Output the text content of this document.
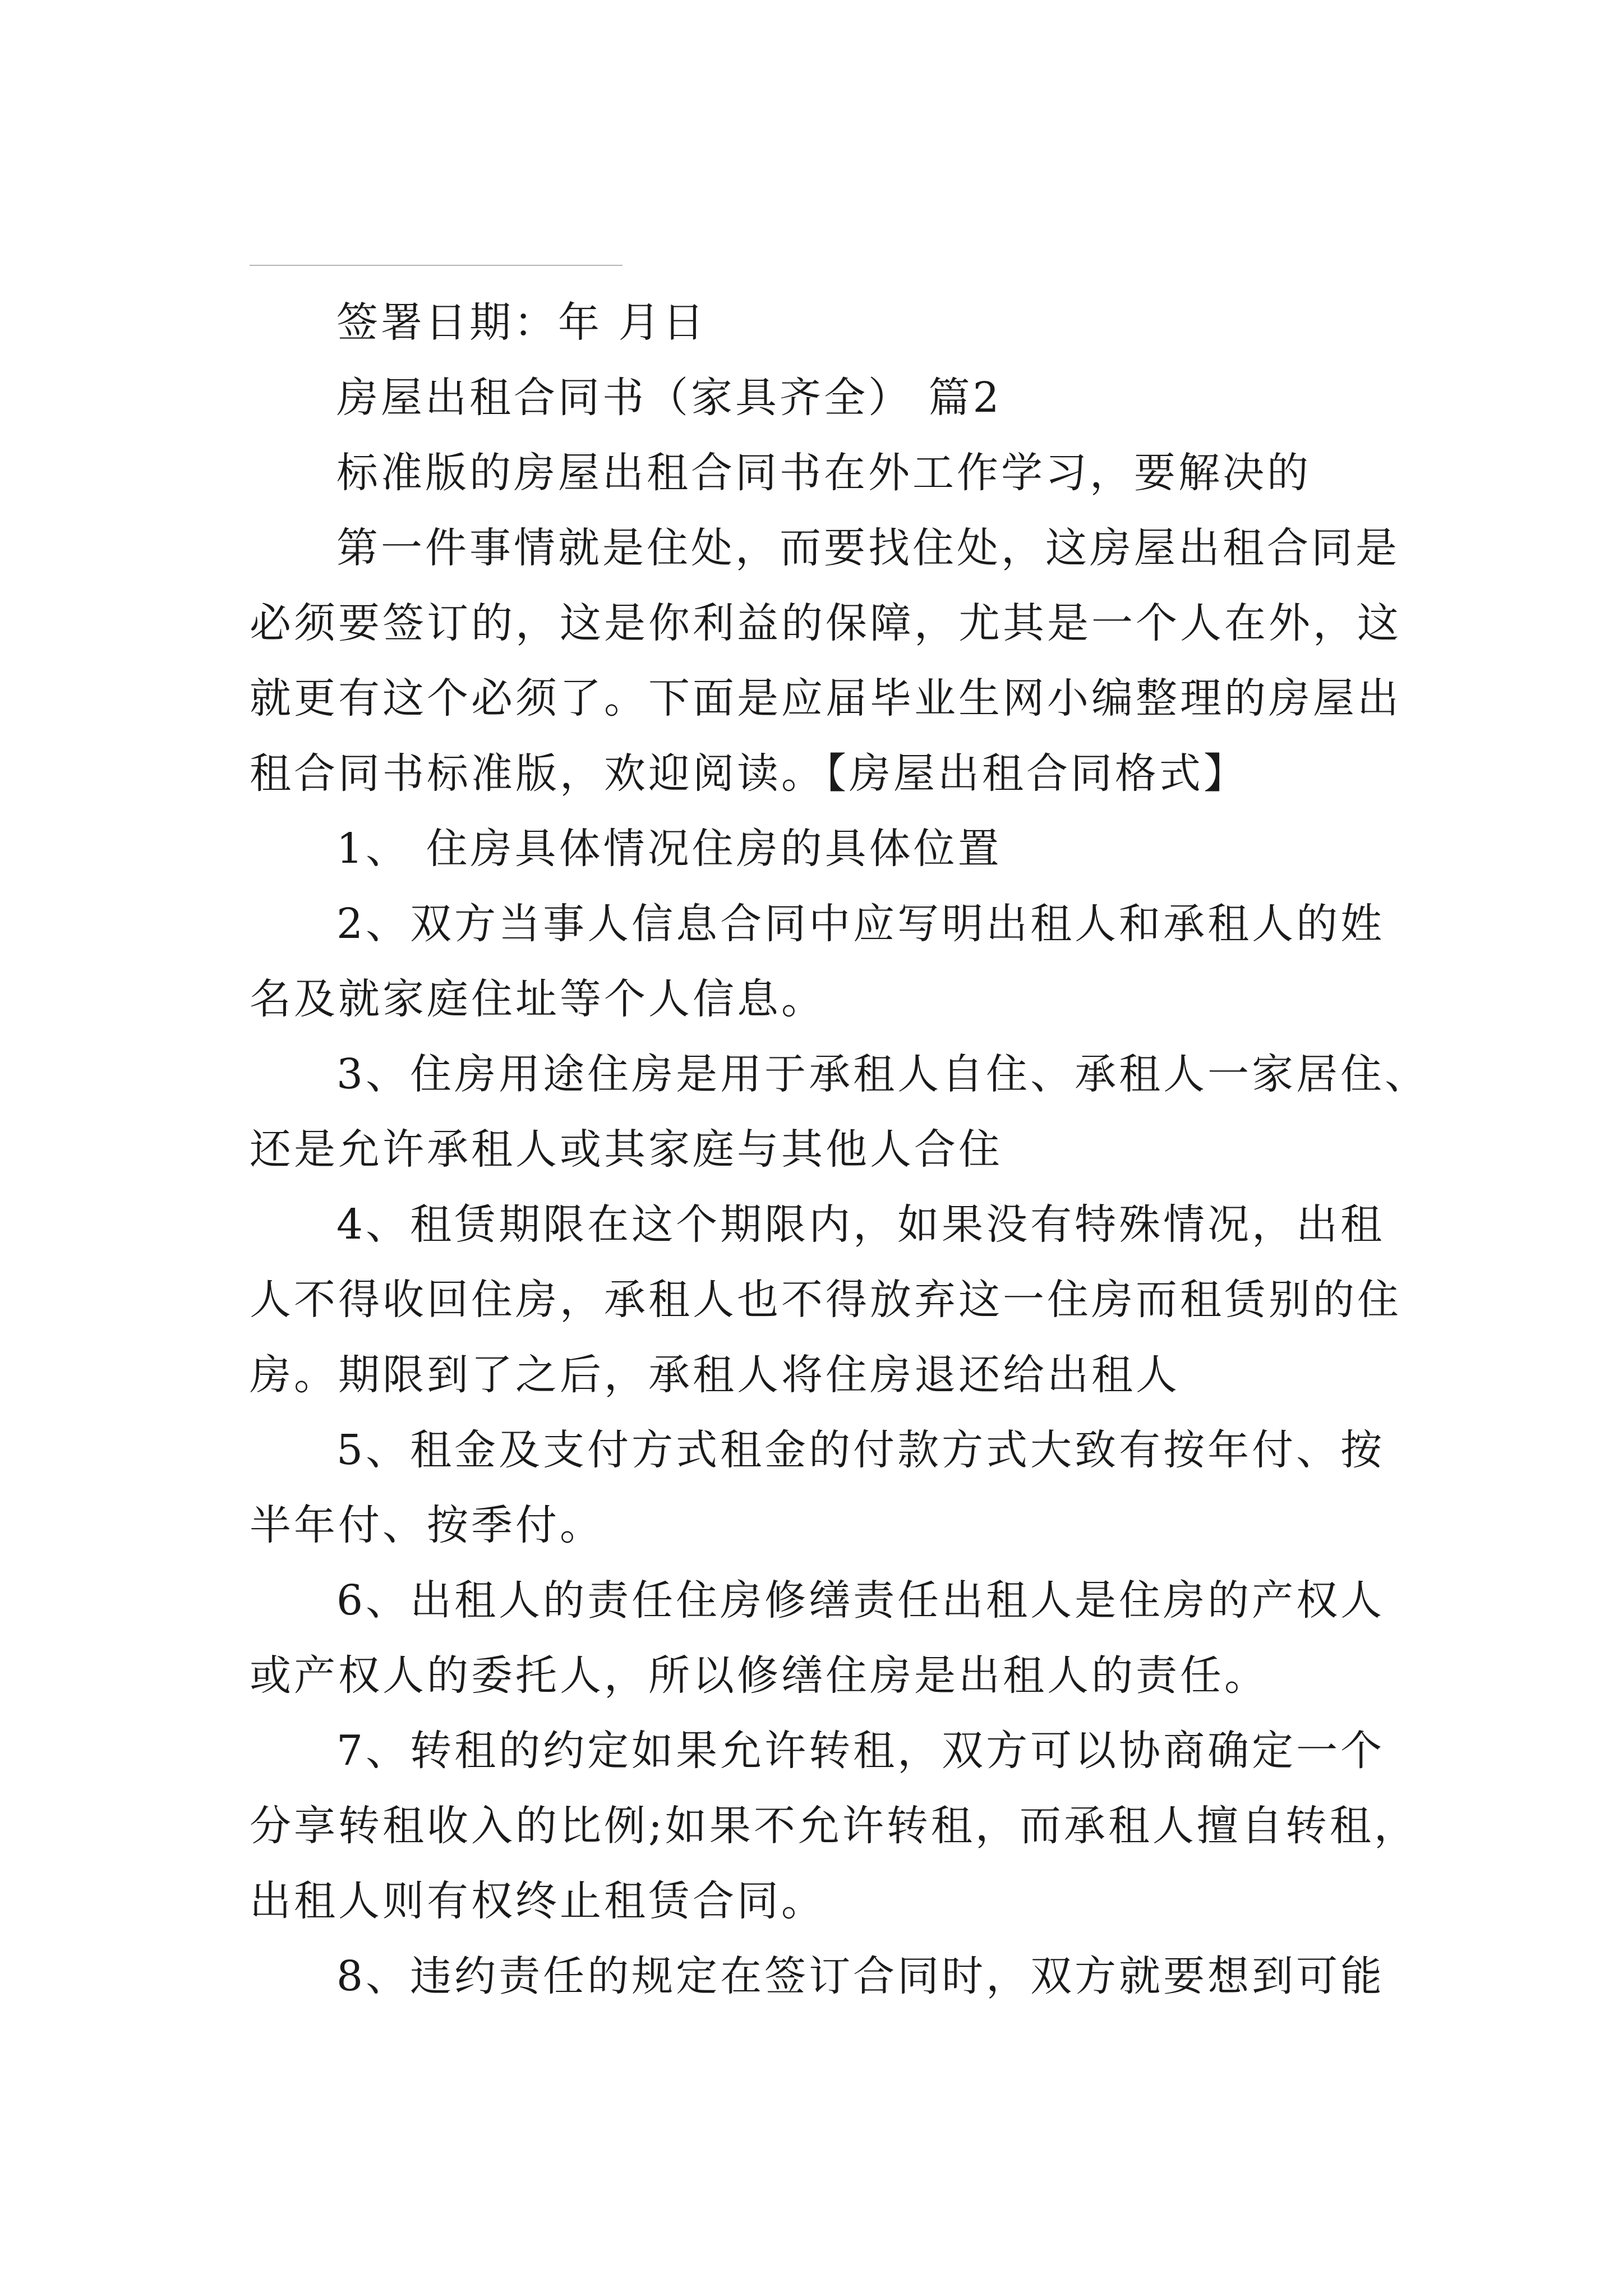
签署日期：年 月日
房屋出租合同书（家具齐全） 篇2
标准版的房屋出租合同书在外工作学习，要解决的
第一件事情就是住处，而要找住处，这房屋出租合同是
必须要签订的，这是你利益的保障，尤其是一个人在外，这
就更有这个必须了。下面是应届毕业生网小编整理的房屋出
租合同书标准版，欢迎阅读。【房屋出租合同格式】
1、 住房具体情况住房的具体位置
2、双方当事人信息合同中应写明出租人和承租人的姓
名及就家庭住址等个人信息。
3、住房用途住房是用于承租人自住、承租人一家居住、
还是允许承租人或其家庭与其他人合住
4、租赁期限在这个期限内，如果没有特殊情况，出租
人不得收回住房，承租人也不得放弃这一住房而租赁别的住
房。期限到了之后，承租人将住房退还给出租人
5、租金及支付方式租金的付款方式大致有按年付、按
半年付、按季付。
6、出租人的责任住房修缮责任出租人是住房的产权人
或产权人的委托人，所以修缮住房是出租人的责任。
7、转租的约定如果允许转租，双方可以协商确定一个
分享转租收入的比例;如果不允许转租，而承租人擅自转租，
出租人则有权终止租赁合同。
8、违约责任的规定在签订合同时，双方就要想到可能
